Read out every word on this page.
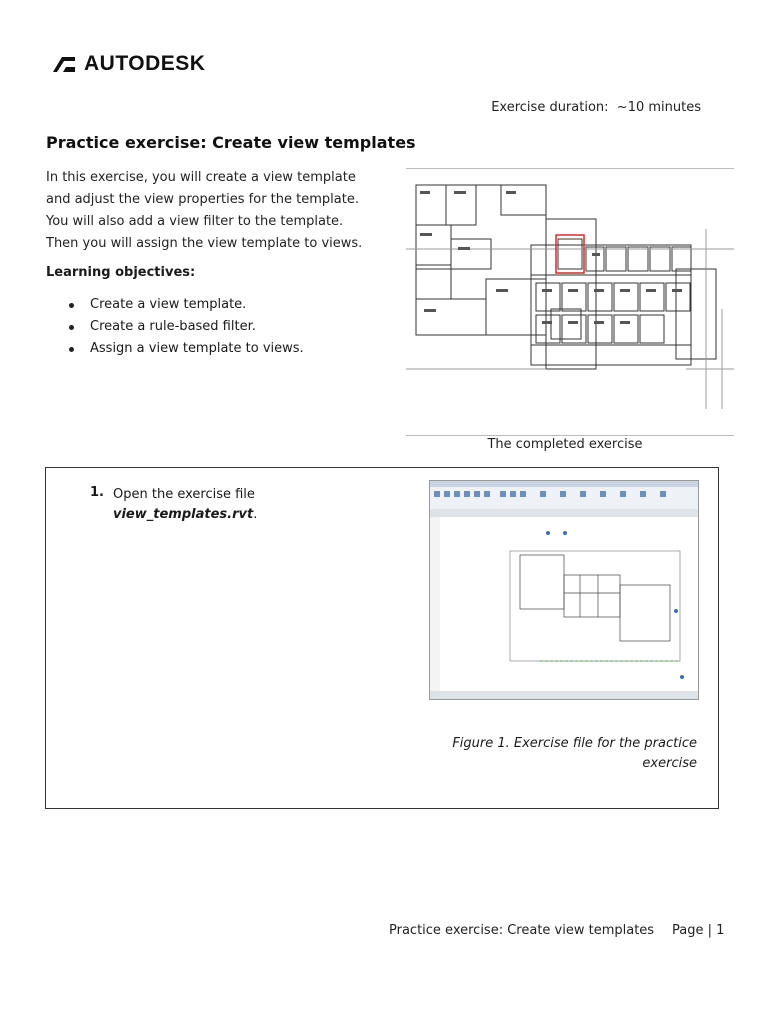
AUTODESK
Exercise duration: ~10 minutes
Practice exercise: Create view templates
In this exercise, you will create a view template
and adjust the view properties for the template.
You will also add a view filter to the template.
Then you will assign the view template to views.
Learning objectives:
Create a view template.
Create a rule-based filter.
Assign a view template to views.
The completed exercise
1. Open the exercise file
view_templates.rvt.
Figure 1. Exercise file for the practice
exercise
Practice exercise: Create view templates Page | 1
